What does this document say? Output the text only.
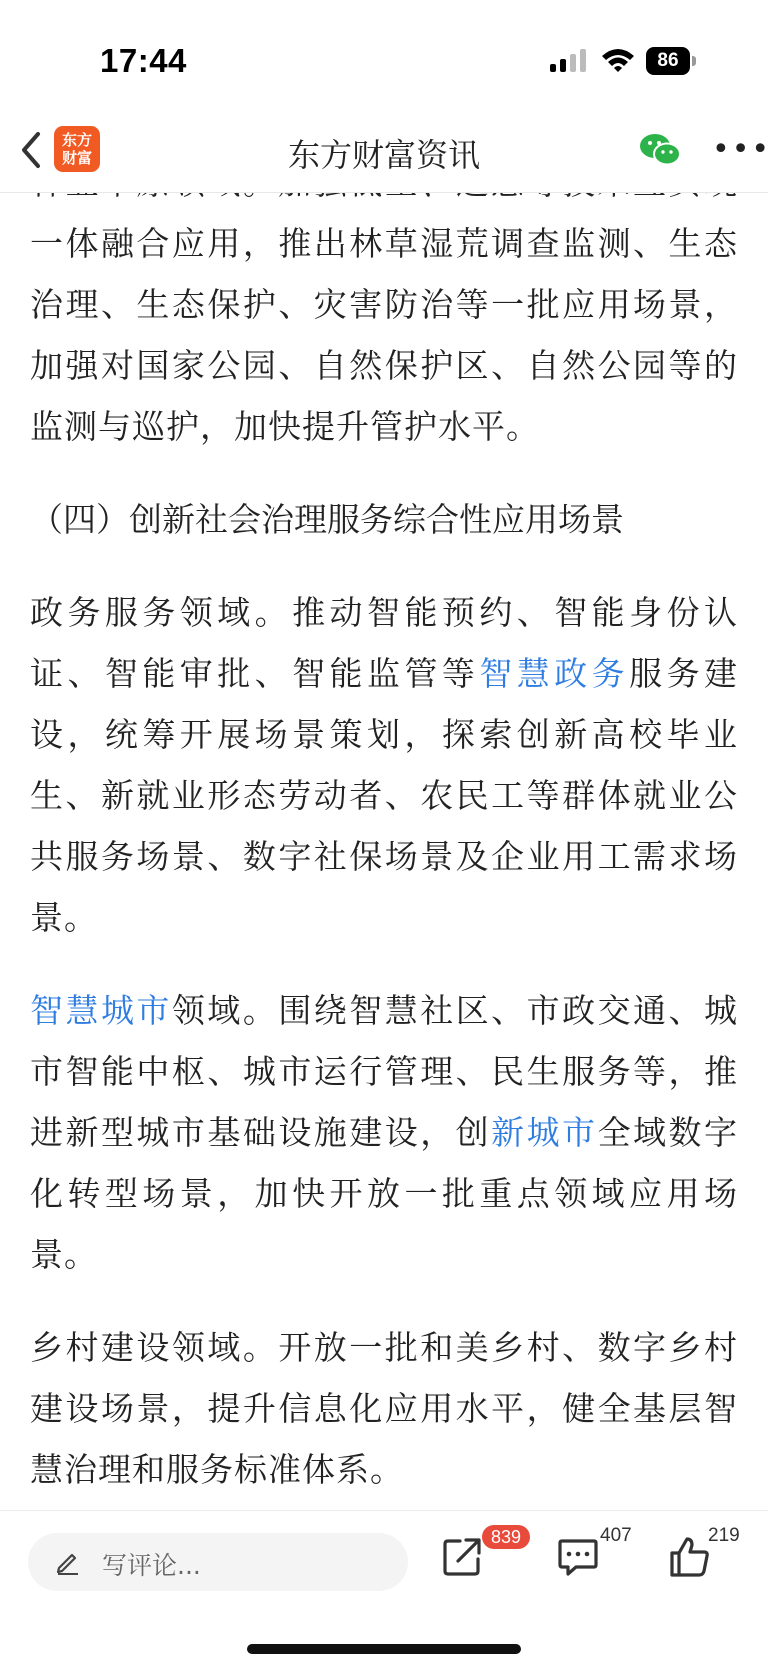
17:44	86
东方
财富	东方财富资讯	•••

一体融合应用，推出林草湿荒调查监测、生态治理、生态保护、灾害防治等一批应用场景，加强对国家公园、自然保护区、自然公园等的监测与巡护，加快提升管护水平。

（四）创新社会治理服务综合性应用场景

政务服务领域。推动智能预约、智能身份认证、智能审批、智能监管等智慧政务服务建设，统筹开展场景策划，探索创新高校毕业生、新就业形态劳动者、农民工等群体就业公共服务场景、数字社保场景及企业用工需求场景。

智慧城市领域。围绕智慧社区、市政交通、城市智能中枢、城市运行管理、民生服务等，推进新型城市基础设施建设，创新城市全域数字化转型场景，加快开放一批重点领域应用场景。

乡村建设领域。开放一批和美乡村、数字乡村建设场景，提升信息化应用水平，健全基层智慧治理和服务标准体系。

写评论...
839	407	219
